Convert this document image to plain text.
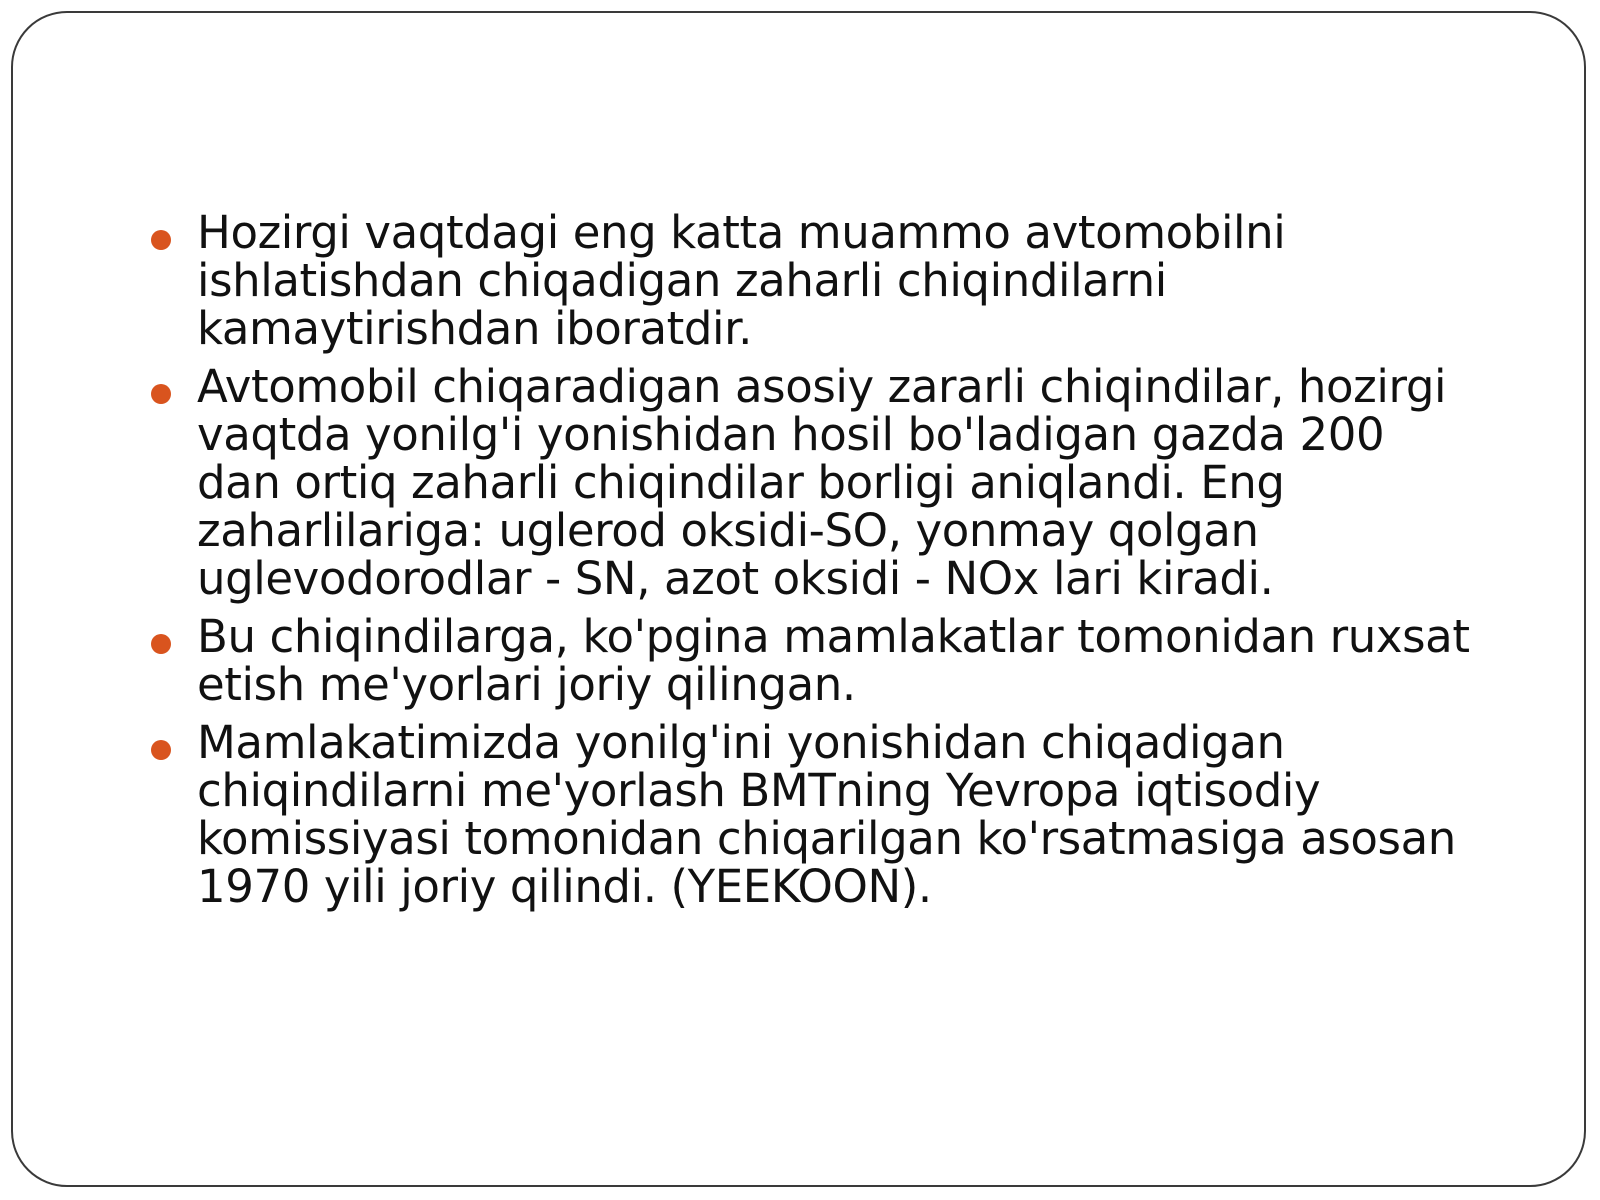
Hozirgi vaqtdagi eng katta muammo avtomobilni ishlatishdan chiqadigan zaharli chiqindilarni kamaytirishdan iboratdir.
Avtomobil chiqaradigan asosiy zararli chiqindilar, hozirgi vaqtda yonilg'i yonishidan hosil bo'ladigan gazda 200 dan ortiq zaharli chiqindilar borligi aniqlandi. Eng zaharlilariga: uglerod oksidi-SO, yonmay qolgan uglevodorodlar - SN, azot oksidi - NOx lari kiradi.
Bu chiqindilarga, ko'pgina mamlakatlar tomonidan ruxsat etish me'yorlari joriy qilingan.
Mamlakatimizda yonilg'ini yonishidan chiqadigan chiqindilarni me'yorlash BMTning Yevropa iqtisodiy komissiyasi tomonidan chiqarilgan ko'rsatmasiga asosan 1970 yili joriy qilindi. (YEEKOON).
